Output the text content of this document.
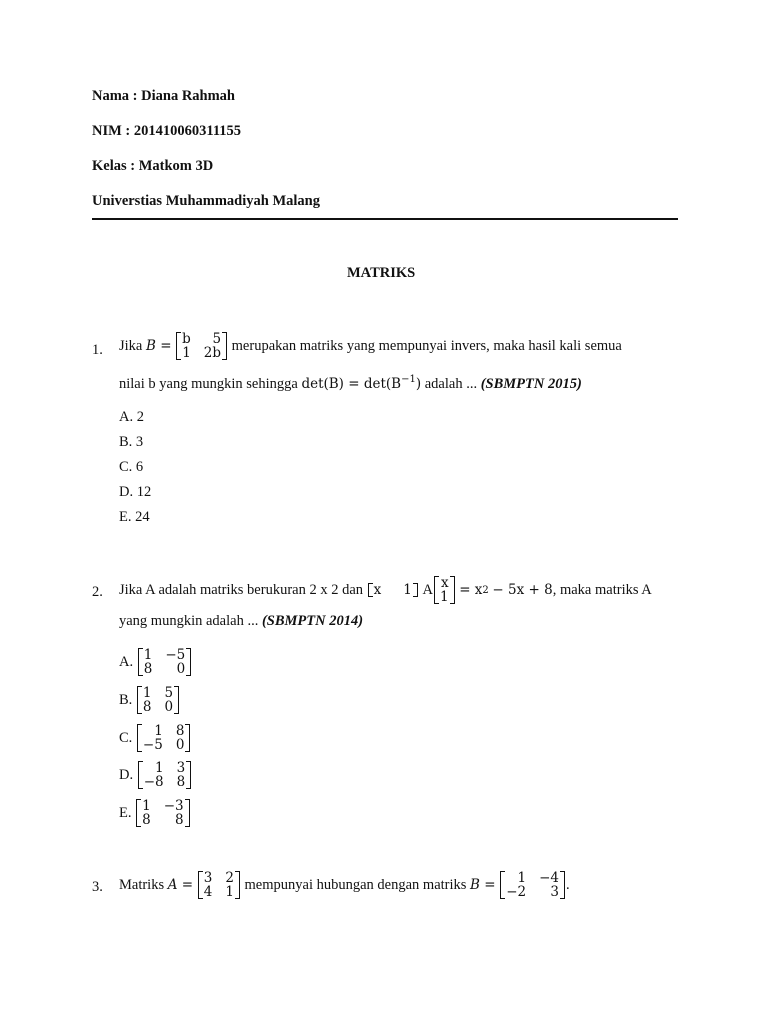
Nama : Diana Rahmah
NIM : 201410060311155
Kelas : Matkom 3D
Universtias Muhammadiyah Malang
MATRIKS
1. Jika
B =
b	5
1 2b
merupakan matriks yang mempunyai invers, maka hasil kali semua
nilai b yang mungkin sehingga $\det(B) = \det(B^{-1})$ adalah ... (SBMPTN 2015)
A. 2
B. 3
C. 6
D. 12
E. 24
2. Jika A adalah matriks berukuran 2 x 2 dan
x 1
A x
1
= x 2
− 5x + 8 , maka matriks A
yang mungkin adalah ... (SBMPTN 2014)
A.
1 −5
8	0
B.
1 5
8 0
C.
	1 8
−5 0
D.
	1 3
−8 8
E.
1 −3
8	8
3. Matriks
A =
3 2
4 1
mempunyai hubungan dengan matriks
B =
	1 −4
−2	3 .
